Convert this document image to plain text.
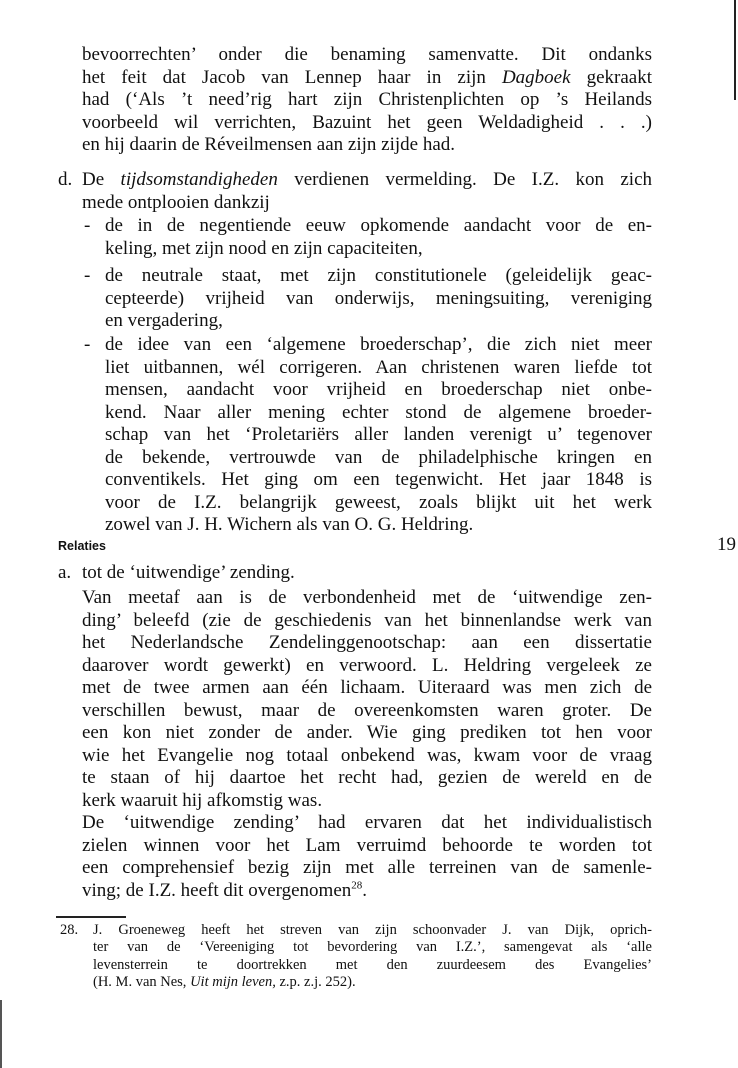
bevoorrechten’ onder die benaming samenvatte. Dit ondanks
het feit dat Jacob van Lennep haar in zijn Dagboek gekraakt
had (‘Als ’t need’rig hart zijn Christenplichten op ’s Heilands
voorbeeld wil verrichten, Bazuint het geen Weldadigheid . . .)
en hij daarin de Réveilmensen aan zijn zijde had.
d. De tijdsomstandigheden verdienen vermelding. De I.Z. kon zich
mede ontplooien dankzij
- de in de negentiende eeuw opkomende aandacht voor de en-
keling, met zijn nood en zijn capaciteiten,
- de neutrale staat, met zijn constitutionele (geleidelijk geac-
cepteerde) vrijheid van onderwijs, meningsuiting, vereniging
en vergadering,
- de idee van een ‘algemene broederschap’, die zich niet meer
liet uitbannen, wél corrigeren. Aan christenen waren liefde tot
mensen, aandacht voor vrijheid en broederschap niet onbe-
kend. Naar aller mening echter stond de algemene broeder-
schap van het ‘Proletariërs aller landen verenigt u’ tegenover
de bekende, vertrouwde van de philadelphische kringen en
conventikels. Het ging om een tegenwicht. Het jaar 1848 is
voor de I.Z. belangrijk geweest, zoals blijkt uit het werk
zowel van J. H. Wichern als van O. G. Heldring.
a. tot de ‘uitwendige’ zending.
Van meetaf aan is de verbondenheid met de ‘uitwendige zen-
ding’ beleefd (zie de geschiedenis van het binnenlandse werk van
het Nederlandsche Zendelinggenootschap: aan een dissertatie
daarover wordt gewerkt) en verwoord. L. Heldring vergeleek ze
met de twee armen aan één lichaam. Uiteraard was men zich de
verschillen bewust, maar de overeenkomsten waren groter. De
een kon niet zonder de ander. Wie ging prediken tot hen voor
wie het Evangelie nog totaal onbekend was, kwam voor de vraag
te staan of hij daartoe het recht had, gezien de wereld en de
kerk waaruit hij afkomstig was.
De ‘uitwendige zending’ had ervaren dat het individualistisch
zielen winnen voor het Lam verruimd behoorde te worden tot
een comprehensief bezig zijn met alle terreinen van de samenle-
ving; de I.Z. heeft dit overgenomen$^{28}$.
28. J. Groeneweg heeft het streven van zijn schoonvader J. van Dijk, oprich-
ter van de ‘Vereeniging tot bevordering van I.Z.’, samengevat als ‘alle
levensterrein te doortrekken met den zuurdeesem des Evangelies’
(H. M. van Nes, Uit mijn leven, z.p. z.j. 252).
Relaties	19
